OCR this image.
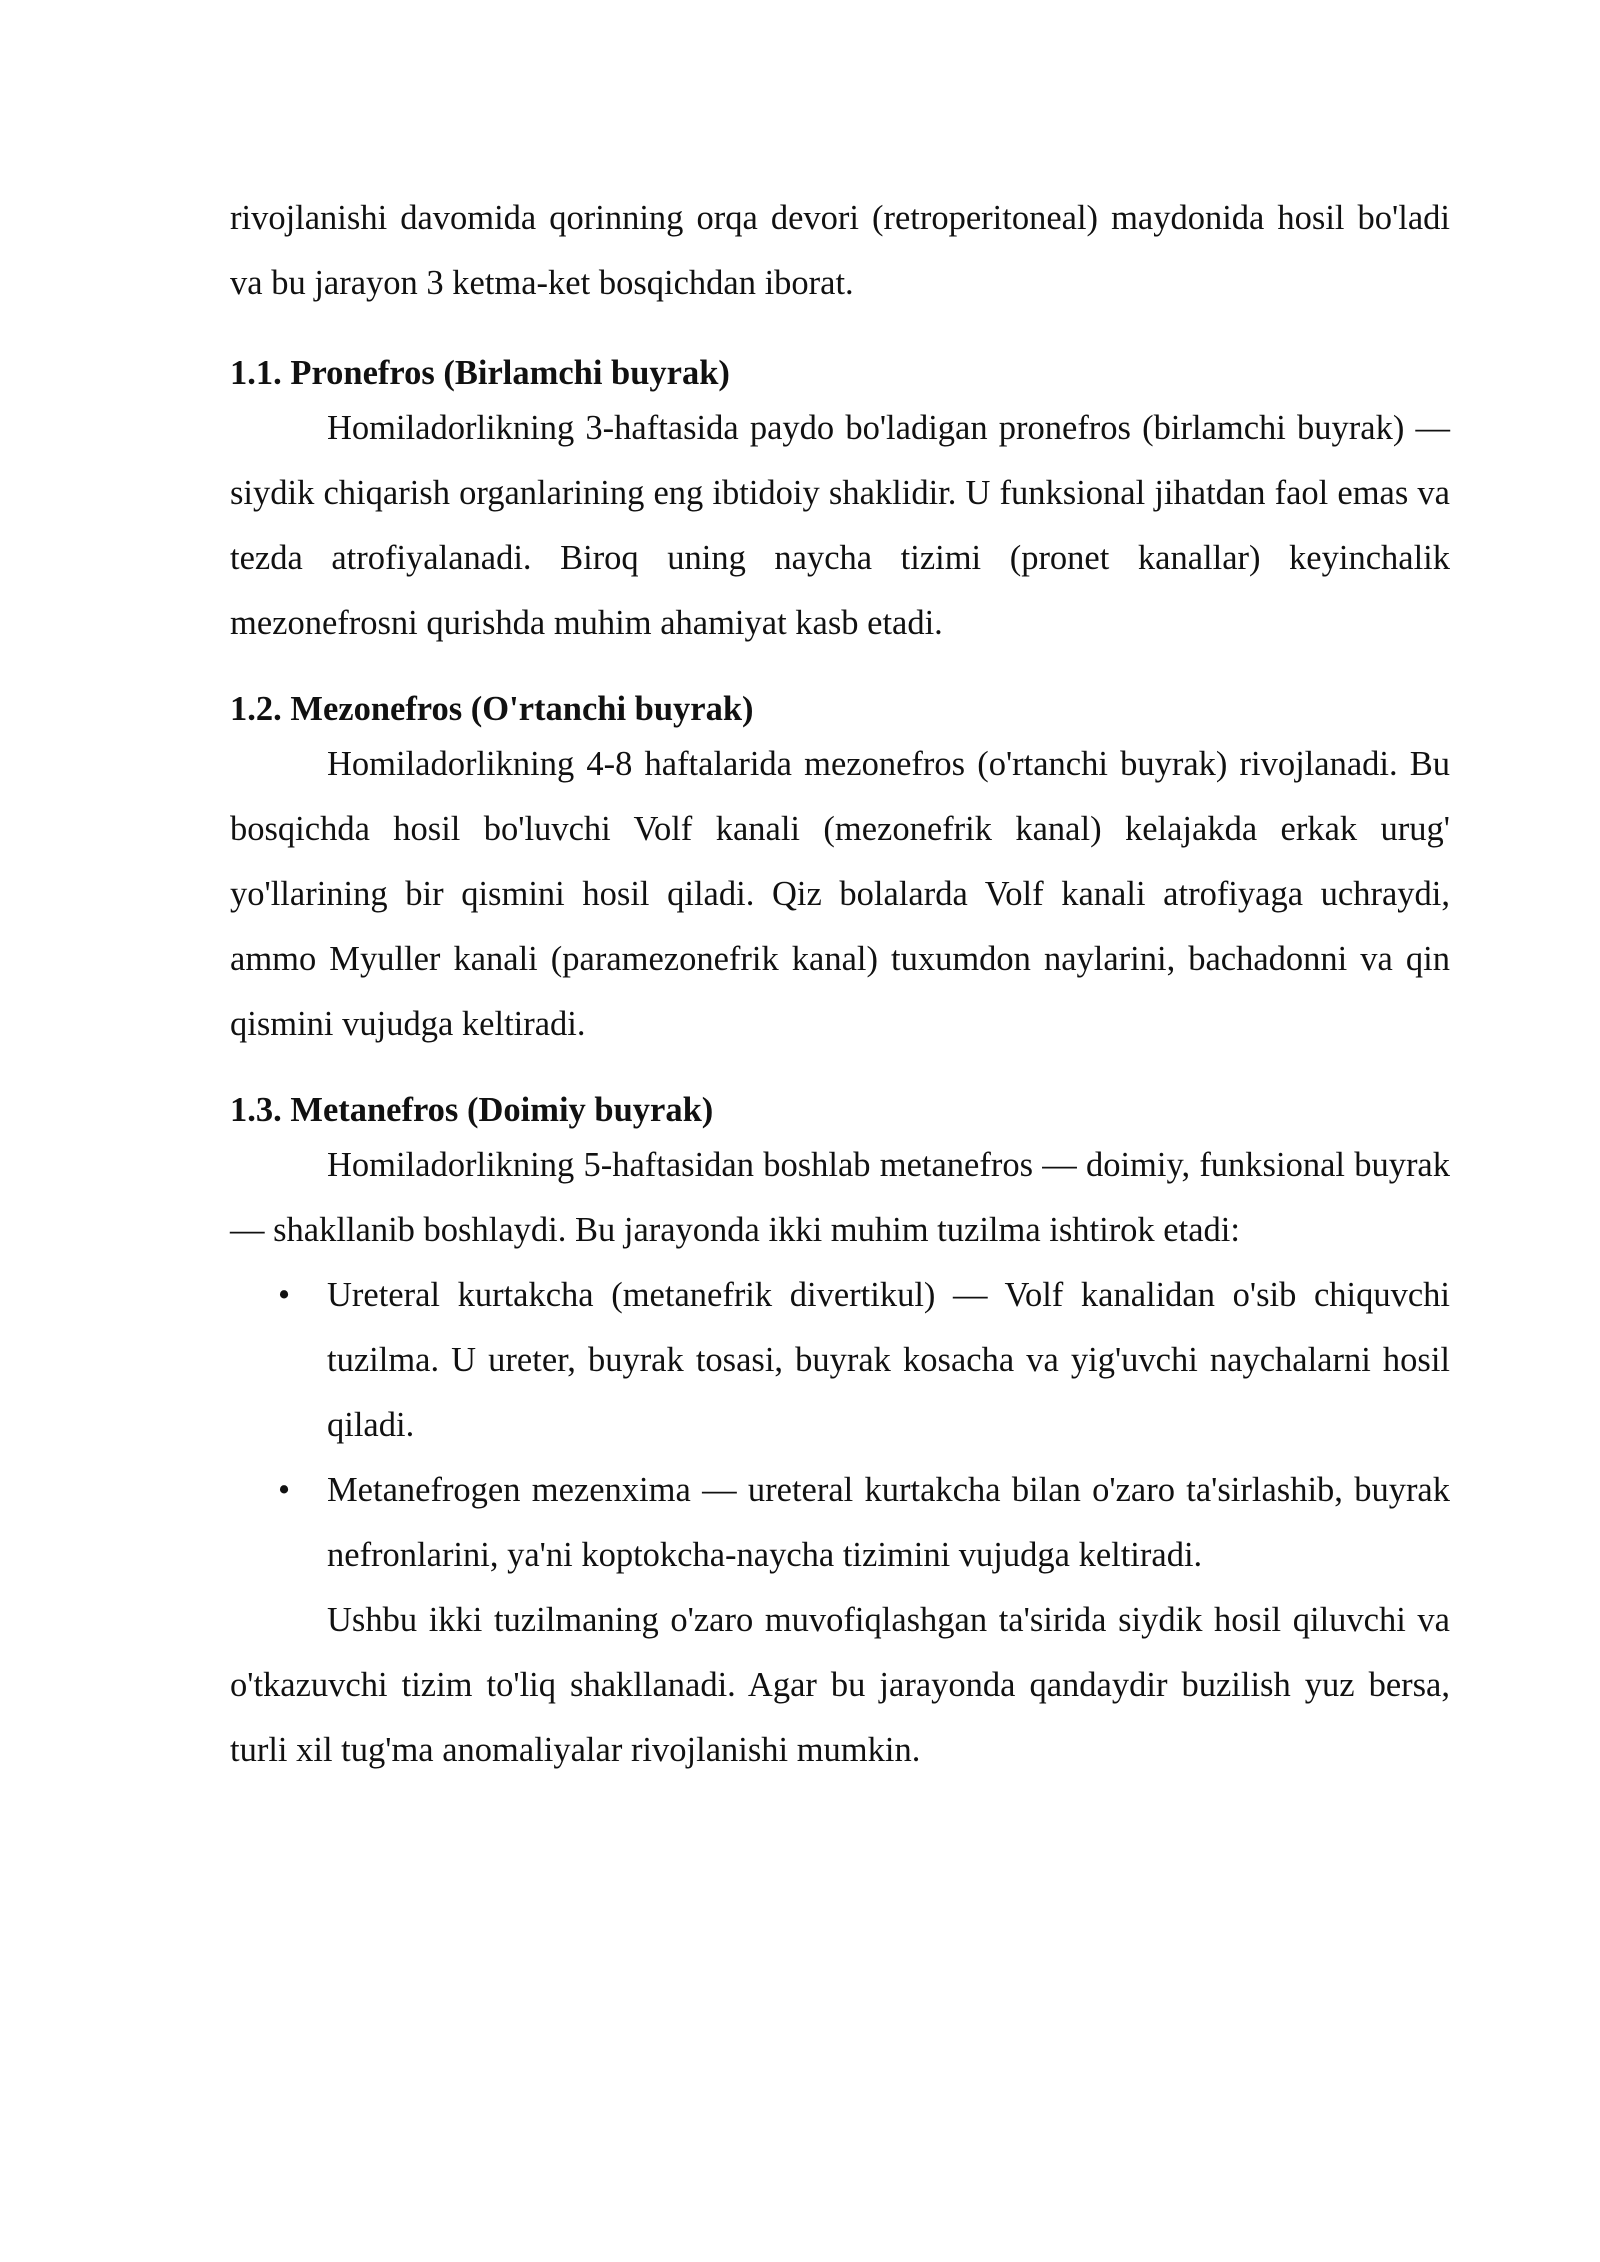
rivojlanishi davomida qorinning orqa devori (retroperitoneal) maydonida hosil bo'ladi va bu jarayon 3 ketma-ket bosqichdan iborat.

1.1. Pronefros (Birlamchi buyrak)

Homiladorlikning 3-haftasida paydo bo'ladigan pronefros (birlamchi buyrak) — siydik chiqarish organlarining eng ibtidoiy shaklidir. U funksional jihatdan faol emas va tezda atrofiyalanadi. Biroq uning naycha tizimi (pronet kanallar) keyinchalik mezonefrosni qurishda muhim ahamiyat kasb etadi.

1.2. Mezonefros (O'rtanchi buyrak)

Homiladorlikning 4-8 haftalarida mezonefros (o'rtanchi buyrak) rivojlanadi. Bu bosqichda hosil bo'luvchi Volf kanali (mezonefrik kanal) kelajakda erkak urug' yo'llarining bir qismini hosil qiladi. Qiz bolalarda Volf kanali atrofiyaga uchraydi, ammo Myuller kanali (paramezonefrik kanal) tuxumdon naylarini, bachadonni va qin qismini vujudga keltiradi.

1.3. Metanefros (Doimiy buyrak)

Homiladorlikning 5-haftasidan boshlab metanefros — doimiy, funksional buyrak — shakllanib boshlaydi. Bu jarayonda ikki muhim tuzilma ishtirok etadi:

• Ureteral kurtakcha (metanefrik divertikul) — Volf kanalidan o'sib chiquvchi tuzilma. U ureter, buyrak tosasi, buyrak kosacha va yig'uvchi naychalarni hosil qiladi.
• Metanefrogen mezenxima — ureteral kurtakcha bilan o'zaro ta'sirlashib, buyrak nefronlarini, ya'ni koptokcha-naycha tizimini vujudga keltiradi.

Ushbu ikki tuzilmaning o'zaro muvofiqlashgan ta'sirida siydik hosil qiluvchi va o'tkazuvchi tizim to'liq shakllanadi. Agar bu jarayonda qandaydir buzilish yuz bersa, turli xil tug'ma anomaliyalar rivojlanishi mumkin.
